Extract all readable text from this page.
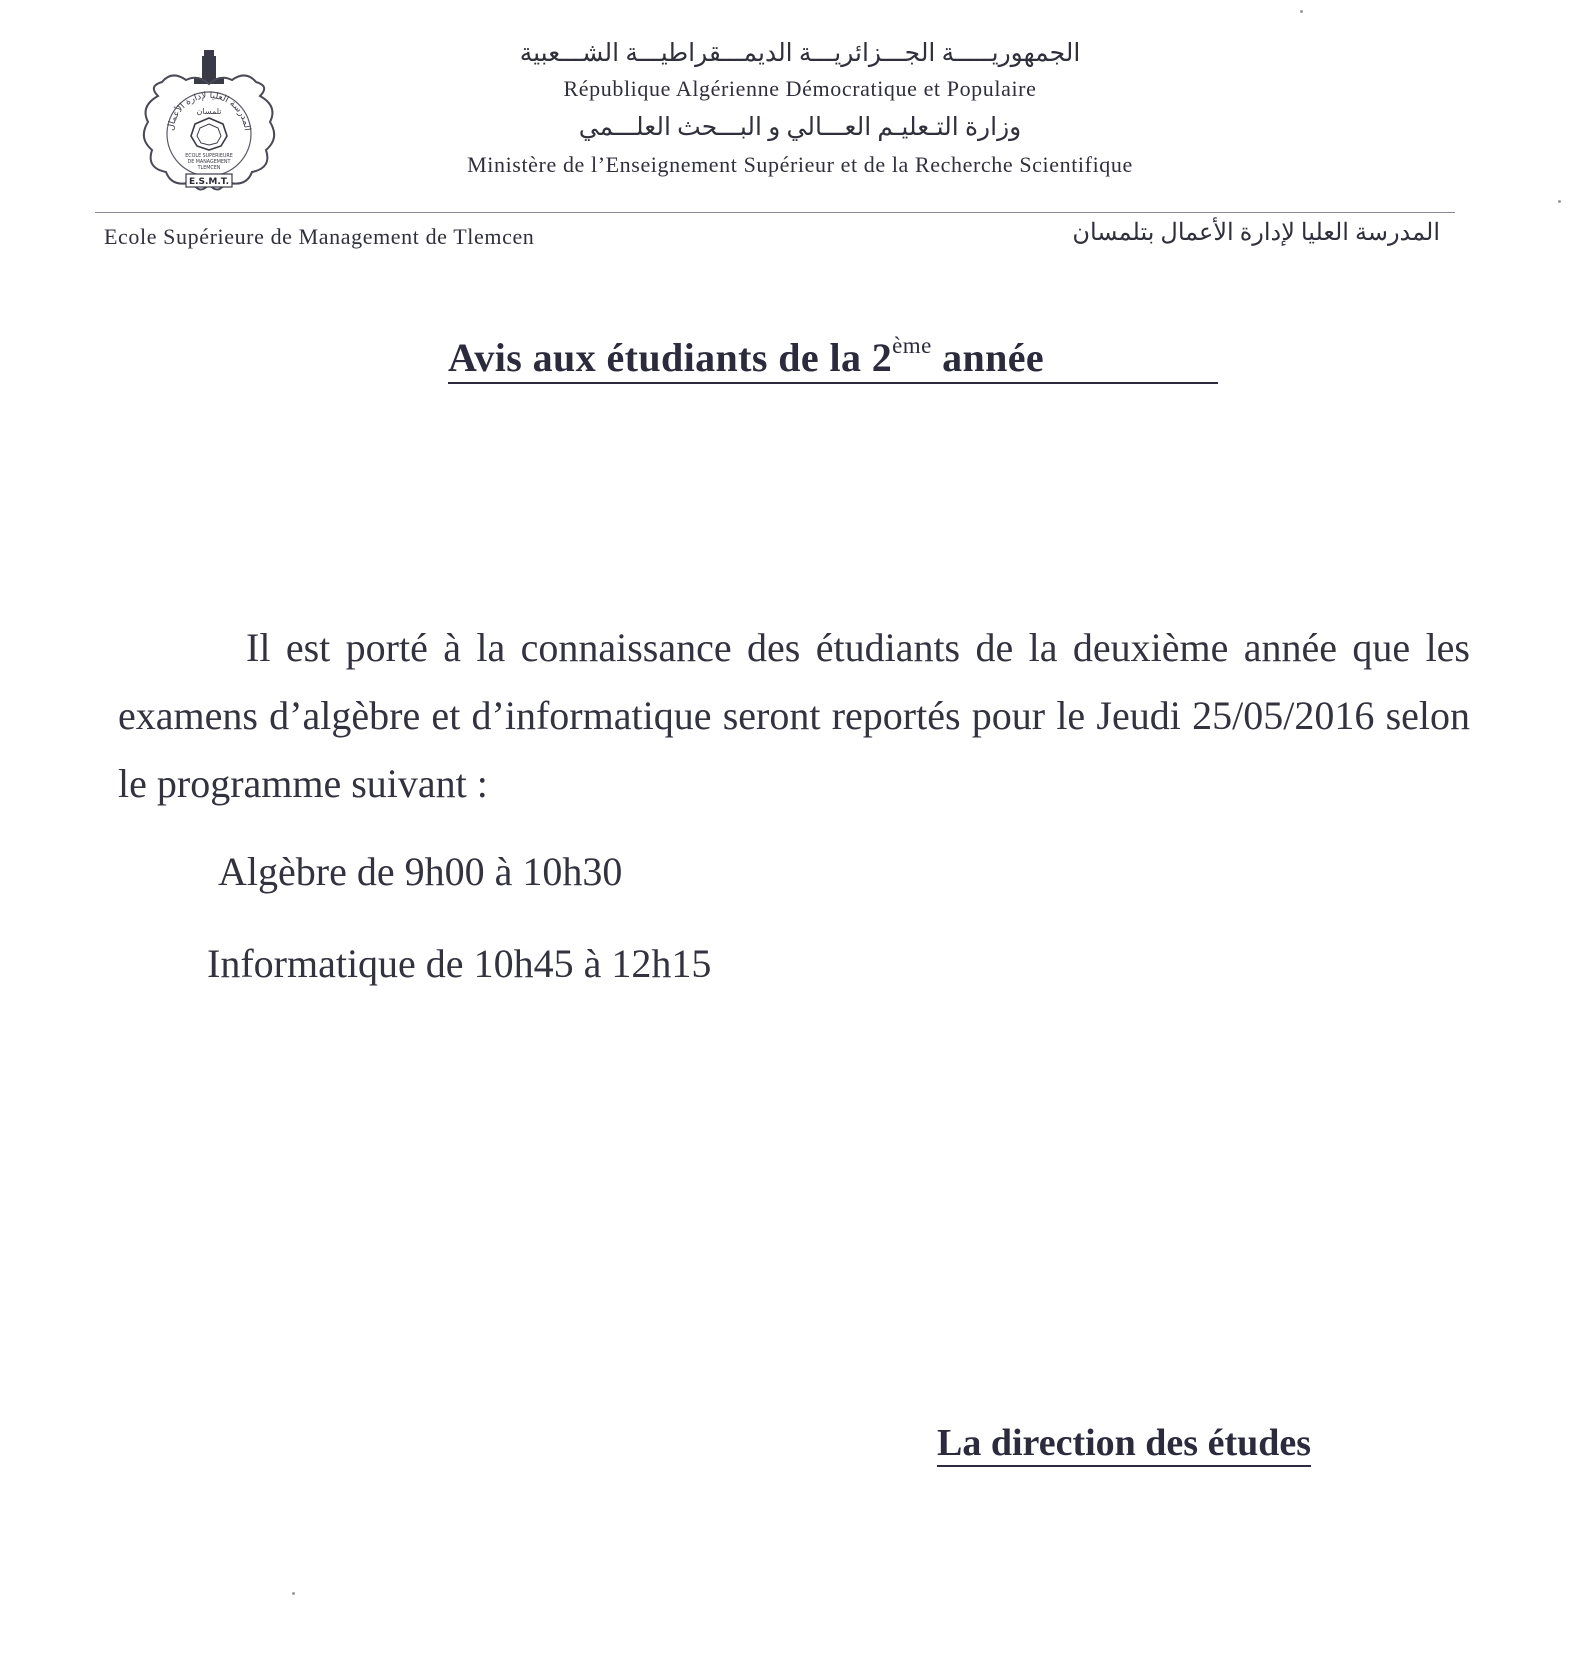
المدرسة العليا لإدارة الأعمال
تلمسان
ECOLE SUPERIEURE
DE MANAGEMENT
TLEMCEN
E.S.M.T.
الجمهوريـــــة الجـــزائريـــة الديمـــقراطيـــة الشـــعبية
République Algérienne Démocratique et Populaire
وزارة التـعليـم العـــالي و البـــحث العلـــمي
Ministère de l’Enseignement Supérieur et de la Recherche Scientifique
Ecole Supérieure de Management de Tlemcen	المدرسة العليا لإدارة الأعمال بتلمسان
Avis aux étudiants de la 2ème année
Il est porté à la connaissance des étudiants de la deuxième année que les examens d’algèbre et d’informatique seront reportés pour le Jeudi 25/05/2016 selon le programme suivant :
Algèbre de 9h00 à 10h30
Informatique de 10h45 à 12h15
La direction des études
